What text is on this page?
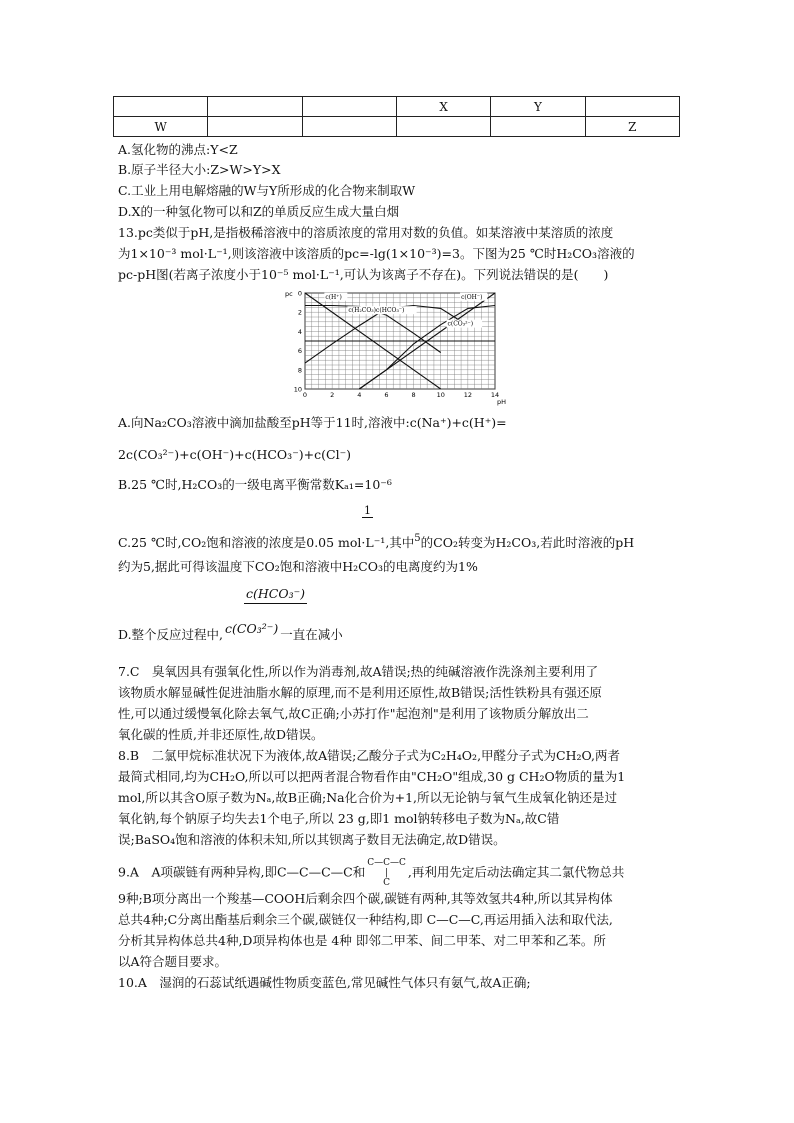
			X	Y	
W					Z
A.氢化物的沸点:Y<Z
B.原子半径大小:Z>W>Y>X
C.工业上用电解熔融的W与Y所形成的化合物来制取W
D.X的一种氢化物可以和Z的单质反应生成大量白烟
13.pc类似于pH,是指极稀溶液中的溶质浓度的常用对数的负值。如某溶液中某溶质的浓度
为1×10⁻³ mol·L⁻¹,则该溶液中该溶质的pc=-lg(1×10⁻³)=3。下图为25 ℃时H₂CO₃溶液的
pc-pH图(若离子浓度小于10⁻⁵ mol·L⁻¹,可认为该离子不存在)。下列说法错误的是(　　)
0	2	4	6	8	10	12	14
0
2
4
6
8
10
pH
pc	c(H⁺)
c(H₂CO₃)c(HCO₃⁻)
c(OH⁻)
c(CO₃²⁻)
A.向Na₂CO₃溶液中滴加盐酸至pH等于11时,溶液中:c(Na⁺)+c(H⁺)=
2c(CO₃²⁻)+c(OH⁻)+c(HCO₃⁻)+c(Cl⁻)
B.25 ℃时,H₂CO₃的一级电离平衡常数Kₐ₁=10⁻⁶
1
C.25 ℃时,CO₂饱和溶液的浓度是0.05 mol·L⁻¹,其中$^5$的CO₂转变为H₂CO₃,若此时溶液的pH
约为5,据此可得该温度下CO₂饱和溶液中H₂CO₃的电离度约为1%

c(HCO₃⁻)
D.整个反应过程中, c(CO₃²⁻) 一直在减小
7.C　臭氧因具有强氧化性,所以作为消毒剂,故A错误;热的纯碱溶液作洗涤剂主要利用了
该物质水解显碱性促进油脂水解的原理,而不是利用还原性,故B错误;活性铁粉具有强还原
性,可以通过缓慢氧化除去氧气,故C正确;小苏打作"起泡剂"是利用了该物质分解放出二
氧化碳的性质,并非还原性,故D错误。
8.B　二氯甲烷标准状况下为液体,故A错误;乙酸分子式为C₂H₄O₂,甲醛分子式为CH₂O,两者
最简式相同,均为CH₂O,所以可以把两者混合物看作由"CH₂O"组成,30 g CH₂O物质的量为1
mol,所以其含O原子数为Nₐ,故B正确;Na化合价为+1,所以无论钠与氧气生成氧化钠还是过
氧化钠,每个钠原子均失去1个电子,所以 23 g,即1 mol钠转移电子数为Nₐ,故C错
误;BaSO₄饱和溶液的体积未知,所以其钡离子数目无法确定,故D错误。
9.A　A项碳链有两种异构,即C—C—C—C和
C—C—C
|
C
,再利用先定后动法确定其二氯代物总共
9种;B项分离出一个羧基—COOH后剩余四个碳,碳链有两种,其等效氢共4种,所以其异构体
总共4种;C分离出酯基后剩余三个碳,碳链仅一种结构,即 C—C—C,再运用插入法和取代法,
分析其异构体总共4种,D项异构体也是 4种 即邻二甲苯、间二甲苯、对二甲苯和乙苯。所
以A符合题目要求。
10.A　湿润的石蕊试纸遇碱性物质变蓝色,常见碱性气体只有氨气,故A正确;
